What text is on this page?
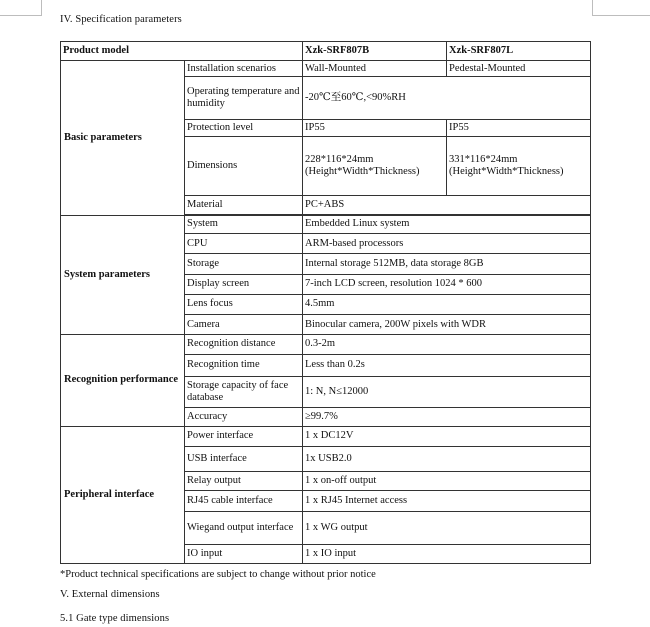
IV. Specification parameters
Product model		Xzk-SRF807B	Xzk-SRF807L
Basic parameters	Installation scenarios	Wall-Mounted	Pedestal-Mounted
	Operating temperature and humidity	-20℃至60℃,<90%RH	
	Protection level	IP55	IP55
	Dimensions	228*116*24mm (Height*Width*Thickness)	331*116*24mm (Height*Width*Thickness)
	Material	PC+ABS	

System parameters	System	Embedded Linux system	
	CPU	ARM-based processors	
	Storage	Internal storage 512MB, data storage 8GB	
	Display screen	7-inch LCD screen, resolution 1024 * 600	
	Lens focus	4.5mm	
	Camera	Binocular camera, 200W pixels with WDR	
Recognition performance	Recognition distance	0.3-2m	
	Recognition time	Less than 0.2s	
	Storage capacity of face database	1: N, N≤12000	
	Accuracy	≥99.7%	
Peripheral interface	Power interface	1 x DC12V	
	USB interface	1x USB2.0	
	Relay output	1 x on-off output	
	RJ45 cable interface	1 x RJ45 Internet access	
	Wiegand output interface	1 x WG output	
	IO input	1 x IO input	
*Product technical specifications are subject to change without prior notice
V. External dimensions
5.1 Gate type dimensions
